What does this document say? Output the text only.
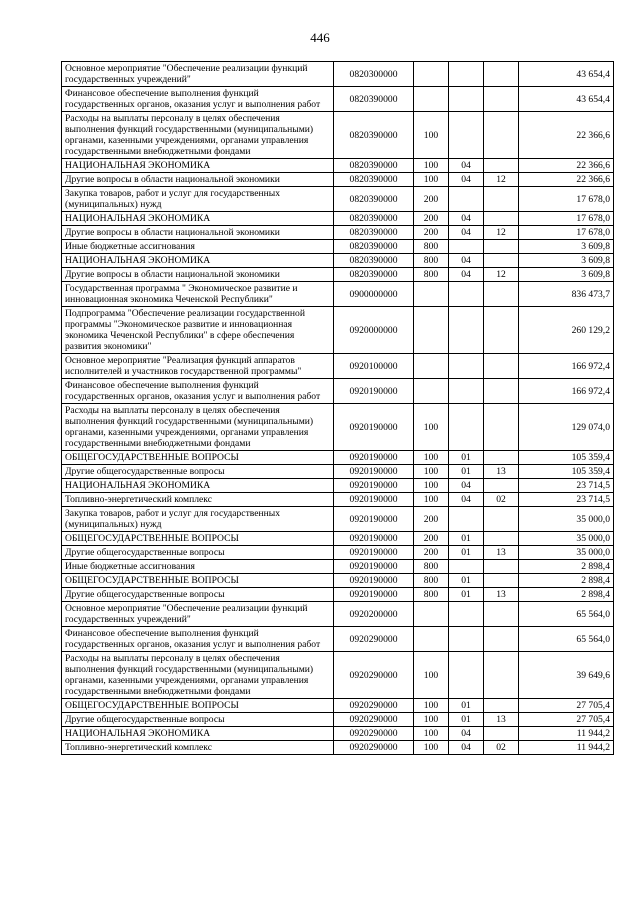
446
Основное мероприятие "Обеспечение реализации функций государственных учреждений"	0820300000				43 654,4
Финансовое обеспечение выполнения функций государственных органов, оказания услуг и выполнения работ	0820390000				43 654,4
Расходы на выплаты персоналу в целях обеспечения выполнения функций государственными (муниципальными) органами, казенными учреждениями, органами управления государственными внебюджетными фондами	0820390000	100			22 366,6
НАЦИОНАЛЬНАЯ ЭКОНОМИКА	0820390000	100	04		22 366,6
Другие вопросы в области национальной экономики	0820390000	100	04	12	22 366,6
Закупка товаров, работ и услуг для государственных (муниципальных) нужд	0820390000	200			17 678,0
НАЦИОНАЛЬНАЯ ЭКОНОМИКА	0820390000	200	04		17 678,0
Другие вопросы в области национальной экономики	0820390000	200	04	12	17 678,0
Иные бюджетные ассигнования	0820390000	800			3 609,8
НАЦИОНАЛЬНАЯ ЭКОНОМИКА	0820390000	800	04		3 609,8
Другие вопросы в области национальной экономики	0820390000	800	04	12	3 609,8
Государственная программа " Экономическое развитие и инновационная экономика Чеченской Республики"	0900000000				836 473,7
Подпрограмма "Обеспечение реализации государственной программы "Экономическое развитие и инновационная экономика Чеченской Республики" в сфере обеспечения развития экономики"	0920000000				260 129,2
Основное мероприятие "Реализация функций аппаратов исполнителей и участников государственной программы"	0920100000				166 972,4
Финансовое обеспечение выполнения функций государственных органов, оказания услуг и выполнения работ	0920190000				166 972,4
Расходы на выплаты персоналу в целях обеспечения выполнения функций государственными (муниципальными) органами, казенными учреждениями, органами управления государственными внебюджетными фондами	0920190000	100			129 074,0
ОБЩЕГОСУДАРСТВЕННЫЕ ВОПРОСЫ	0920190000	100	01		105 359,4
Другие общегосударственные вопросы	0920190000	100	01	13	105 359,4
НАЦИОНАЛЬНАЯ ЭКОНОМИКА	0920190000	100	04		23 714,5
Топливно-энергетический комплекс	0920190000	100	04	02	23 714,5
Закупка товаров, работ и услуг для государственных (муниципальных) нужд	0920190000	200			35 000,0
ОБЩЕГОСУДАРСТВЕННЫЕ ВОПРОСЫ	0920190000	200	01		35 000,0
Другие общегосударственные вопросы	0920190000	200	01	13	35 000,0
Иные бюджетные ассигнования	0920190000	800			2 898,4
ОБЩЕГОСУДАРСТВЕННЫЕ ВОПРОСЫ	0920190000	800	01		2 898,4
Другие общегосударственные вопросы	0920190000	800	01	13	2 898,4
Основное мероприятие "Обеспечение реализации функций государственных учреждений"	0920200000				65 564,0
Финансовое обеспечение выполнения функций государственных органов, оказания услуг и выполнения работ	0920290000				65 564,0
Расходы на выплаты персоналу в целях обеспечения выполнения функций государственными (муниципальными) органами, казенными учреждениями, органами управления государственными внебюджетными фондами	0920290000	100			39 649,6
ОБЩЕГОСУДАРСТВЕННЫЕ ВОПРОСЫ	0920290000	100	01		27 705,4
Другие общегосударственные вопросы	0920290000	100	01	13	27 705,4
НАЦИОНАЛЬНАЯ ЭКОНОМИКА	0920290000	100	04		11 944,2
Топливно-энергетический комплекс	0920290000	100	04	02	11 944,2
